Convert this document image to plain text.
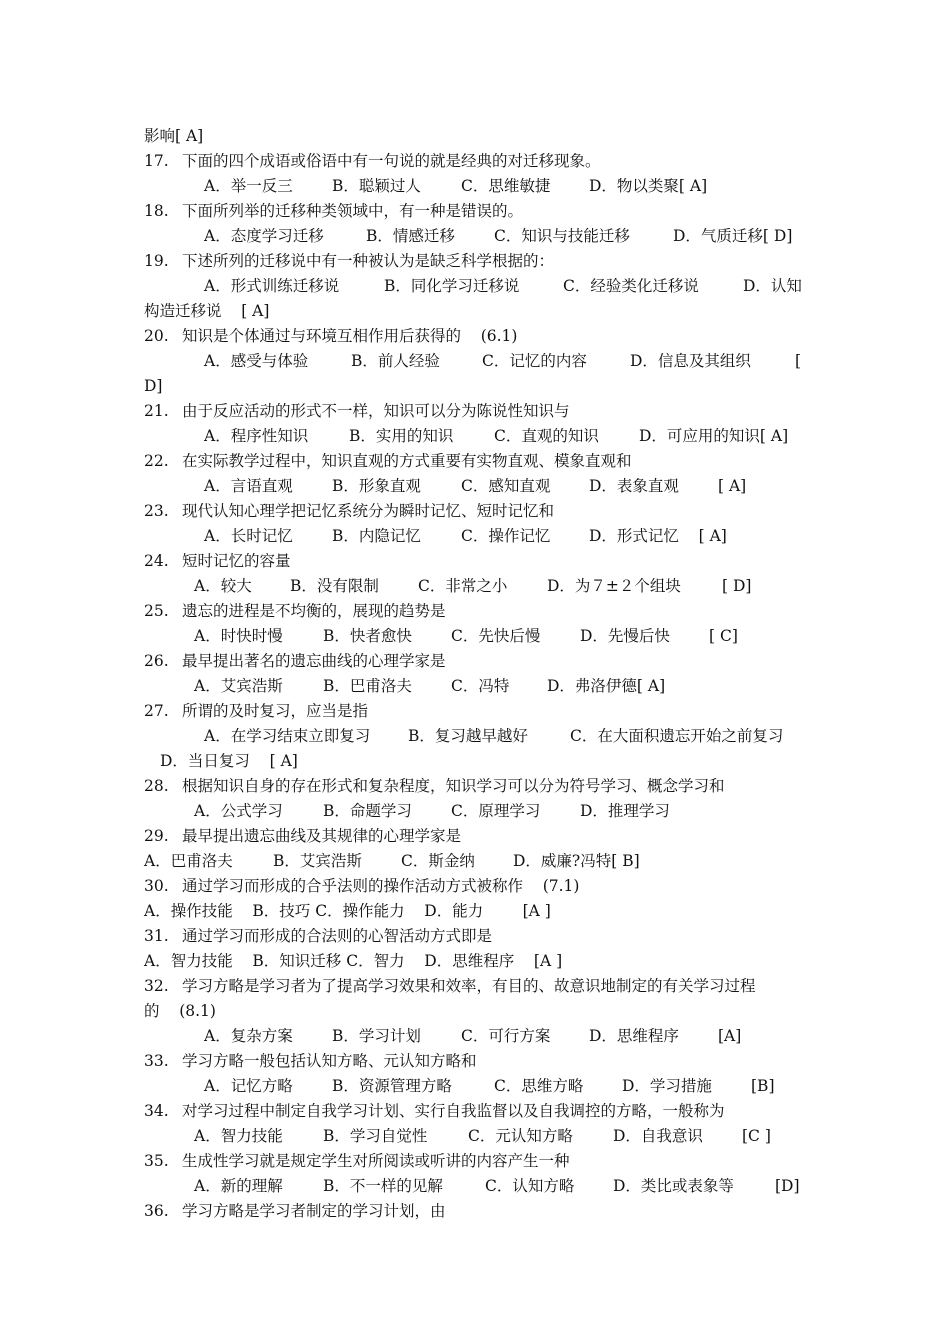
影响[ A]
17. 下面的四个成语或俗语中有一句说的就是经典的对迁移现象。
A．举一反三	B．聪颖过人	C．思维敏捷 D．物以类聚[ A]
18. 下面所列举的迁移种类领域中，有一种是错误的。
A．态度学习迁移	B．情感迁移	C．知识与技能迁移	D．气质迁移[ D]
19. 下述所列的迁移说中有一种被认为是缺乏科学根据的：
A．形式训练迁移说	B．同化学习迁移说	C．经验类化迁移说	D．认知
构造迁移说    [ A]
20. 知识是个体通过与环境互相作用后获得的    (6.1)
A．感受与体验	B．前人经验	C．记忆的内容	D．信息及其组织	[
D]
21. 由于反应活动的形式不一样，知识可以分为陈说性知识与
A．程序性知识	B．实用的知识	C．直观的知识	D．可应用的知识[ A]
22. 在实际教学过程中，知识直观的方式重要有实物直观、模象直观和
A．言语直观	B．形象直观	C．感知直观 D．表象直观	[ A]
23. 现代认知心理学把记忆系统分为瞬时记忆、短时记忆和
A．长时记忆	B．内隐记忆	C．操作记忆 D．形式记忆    [ A]
24. 短时记忆的容量
A．较大 B．没有限制	C．非常之小	D．为７±２个组块	[ D]
25. 遗忘的进程是不均衡的，展现的趋势是
A．时快时慢	B．快者愈快	C．先快后慢	D．先慢后快	[ C]
26. 最早提出著名的遗忘曲线的心理学家是
A．艾宾浩斯	B．巴甫洛夫	C．冯特 D．弗洛伊德[ A]
27. 所谓的及时复习，应当是指
A．在学习结束立即复习 B．复习越早越好	C．在大面积遗忘开始之前复习
D．当日复习    [ A]
28. 根据知识自身的存在形式和复杂程度，知识学习可以分为符号学习、概念学习和
A．公式学习	B．命题学习	C．原理学习	D．推理学习
29. 最早提出遗忘曲线及其规律的心理学家是
A．巴甫洛夫	B．艾宾浩斯	C．斯金纳 D．威廉?冯特[ B]
30. 通过学习而形成的合乎法则的操作活动方式被称作    (7.1)
A．操作技能    B．技巧 C．操作能力    D．能力        [A ]
31. 通过学习而形成的合法则的心智活动方式即是
A．智力技能    B．知识迁移 C．智力    D．思维程序    [A ]
32. 学习方略是学习者为了提高学习效果和效率，有目的、故意识地制定的有关学习过程
的    (8.1)
A．复杂方案	B．学习计划	C．可行方案 D．思维程序	[A]
33. 学习方略一般包括认知方略、元认知方略和
A．记忆方略	B．资源管理方略	C．思维方略 D．学习措施	[B]
34. 对学习过程中制定自我学习计划、实行自我监督以及自我调控的方略，一般称为
A．智力技能	B．学习自觉性	C．元认知方略	D．自我意识	[C ]
35. 生成性学习就是规定学生对所阅读或听讲的内容产生一种
A．新的理解	B．不一样的见解	C．认知方略 D．类比或表象等	[D]
36. 学习方略是学习者制定的学习计划，由
